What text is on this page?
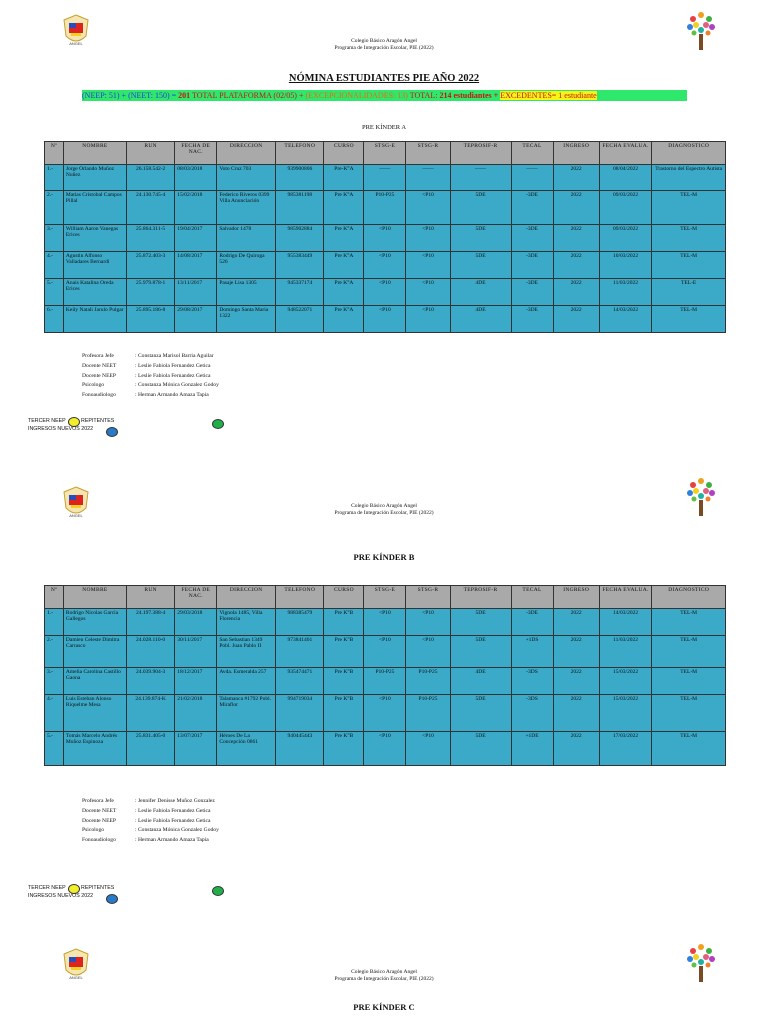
ANGEL	Colegio Básico Aragón Angel
Programa de Integración Escolar, PIE (2022)
NÓMINA ESTUDIANTES PIE AÑO 2022
(NEEP: 51) + (NEET: 150) = 201 TOTAL PLATAFORMA (02/05) + (EXCEPCIONALIDADES: 13) TOTAL: 214 estudiantes + EXCEDENTES= 1 estudiante
PRE KÍNDER A
Nº	NOMBRE	RUN	FECHA DE NAC.	DIRECCION	TELEFONO	CURSO	STSG-E	STSG-R	TEPROSIF-R	TECAL	INGRESO	FECHA EVALUA.	DIAGNOSTICO
1.-	Jorge Orlando Muñoz Nuñez	26.158.542-2	08/03/2018	Voto Cruz 703	939900806	Pre-K°A	——	——	——	——	2022	08/04/2022	Trastorno del Espectro Autista
2.-	Matias Cristobal Campos Pillal	24.130.745-4	15/02/2018	Federico Riveros 0399 Villa Anunciación	985381198	Pre K°A	P10-P25	<P10	5DE	-3DE	2022	09/03/2022	TEL-M
3.-	William Aaron Vanegas Erices	25.864.311-5	19/04/2017	Salvador 1478	985902884	Pre K°A	<P10	<P10	5DE	-3DE	2022	09/03/2022	TEL-M
4.-	Agustin Alfonso Valladares Bernardi	25.872.403-3	14/08/2017	Rodrigo De Quiroga 526	955383449	Pre K°A	<P10	<P10	5DE	-3DE	2022	10/03/2022	TEL-M
5.-	Anais Katalina Oreda Erices	25.979.878-1	13/11/2017	Pasaje Lisa 1305	945337174	Pre K°A	<P10	<P10	4DE	-3DE	2022	11/03/2022	TEL-E
6.-	Keily Natali Jarulo Pulgar	25.895.186-8	29/08/2017	Domingo Santa Maria 1322	948522071	Pre K°A	<P10	<P10	4DE	-3DE	2022	14/03/2022	TEL-M
Profesora Jefe	: Constanza Marisol Barria Aguilar
Docente NEET	: Leslie Fabiola Fernandez Getica
Docente NEEP	: Leslie Fabiola Fernandez Getica
Psicologo	: Constanza Mónica Gonzalez Godoy
Fonoaudiologo	: Herman Armando Amaza Tapia
TERCER NEEP	REPITENTES
INGRESOS NUEVOS 2022
ANGEL
Colegio Básico Aragón Angel
Programa de Integración Escolar, PIE (2022)
PRE KÍNDER B
Nº	NOMBRE	RUN	FECHA DE NAC.	DIRECCION	TELEFONO	CURSO	STSG-E	STSG-R	TEPROSIF-R	TECAL	INGRESO	FECHA EVALUA.	DIAGNOSTICO
1.-	Rodrigo Nicolas Garcia Gallegos	24.197.388-4	29/03/2018	Vignola 1485, Villa Florencia	988385479	Pre K°B	<P10	<P10	5DE	-3DE	2022	14/03/2022	TEL-M
2.-	Damien Celeste Dimitra Carrasco	24.028.110-0	30/11/2017	San Sebastian 1349 Pobl. Juan Pablo II	973841401	Pre K°B	<P10	<P10	5DE	+1DS	2022	11/03/2022	TEL-M
3.-	Amelia Carolina Castillo Gaona	24.039.904-3	18/12/2017	Avda. Esmeralda 257	935474471	Pre K°B	P10-P25	P10-P25	4DE	-3DS	2022	15/03/2022	TEL-M
4.-	Luis Esteban Alonso Riquelme Mesa	24.139.874-K	21/02/2018	Talamanca #1792 Pobl. Miraflor	994719034	Pre K°B	<P10	P10-P25	5DE	-3DS	2022	15/03/2022	TEL-M
5.-	Tomás Marcelo Andrés Muñoz Espinoza	25.831.405-0	13/07/2017	Héroes De La Concepción 0861	940445443	Pre K°B	<P10	<P10	5DE	+1DE	2022	17/03/2022	TEL-M
Profesora Jefe	: Jennifer Denisse Muñoz Gonzalez
Docente NEET	: Leslie Fabiola Fernandez Getica
Docente NEEP	: Leslie Fabiola Fernandez Getica
Psicologo	: Constanza Mónica Gonzalez Godoy
Fonoaudiologo	: Herman Armando Amaza Tapia
TERCER NEEP	REPITENTES
INGRESOS NUEVOS 2022
ANGEL
Colegio Básico Aragón Angel
Programa de Integración Escolar, PIE (2022)
PRE KÍNDER C
